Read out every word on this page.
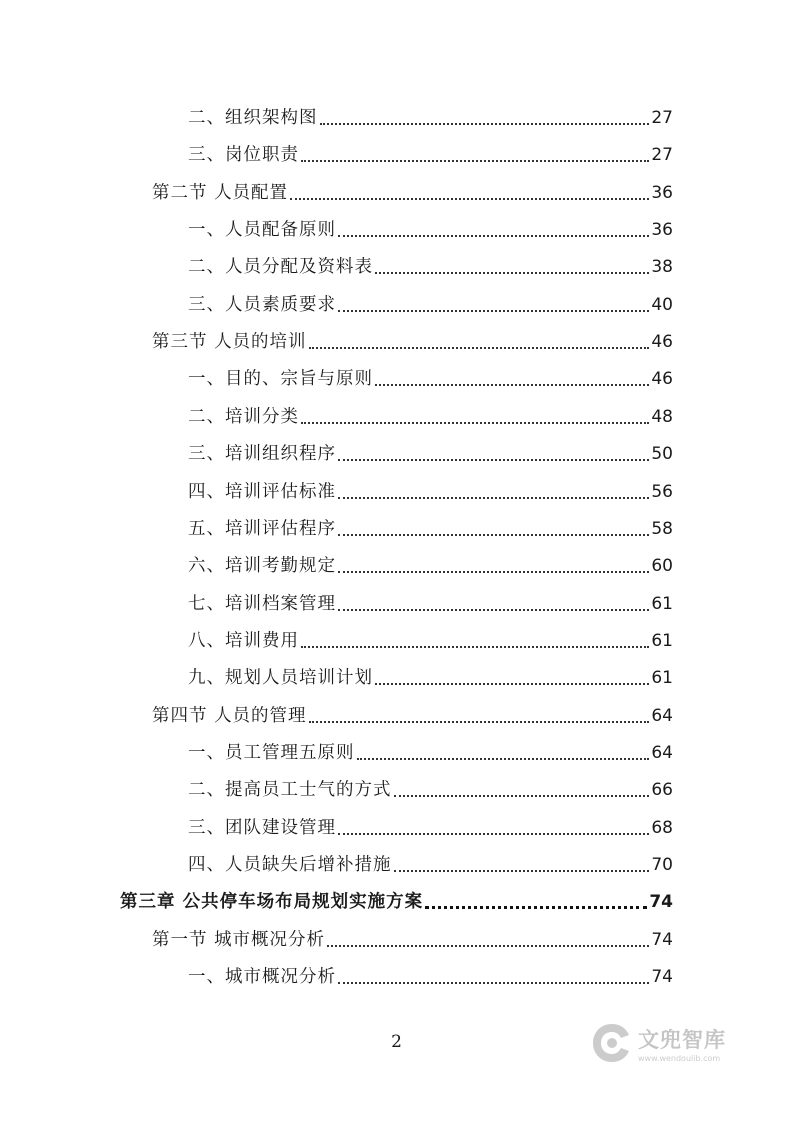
二、组织架构图	27
三、岗位职责	27
第二节 人员配置	36
一、人员配备原则	36
二、人员分配及资料表	38
三、人员素质要求	40
第三节 人员的培训	46
一、目的、宗旨与原则	46
二、培训分类	48
三、培训组织程序	50
四、培训评估标准	56
五、培训评估程序	58
六、培训考勤规定	60
七、培训档案管理	61
八、培训费用	61
九、规划人员培训计划	61
第四节 人员的管理	64
一、员工管理五原则	64
二、提高员工士气的方式	66
三、团队建设管理	68
四、人员缺失后增补措施	70
第三章 公共停车场布局规划实施方案	74
第一节 城市概况分析	74
一、城市概况分析	74
2	文兜智库
www.wendoulib.com
